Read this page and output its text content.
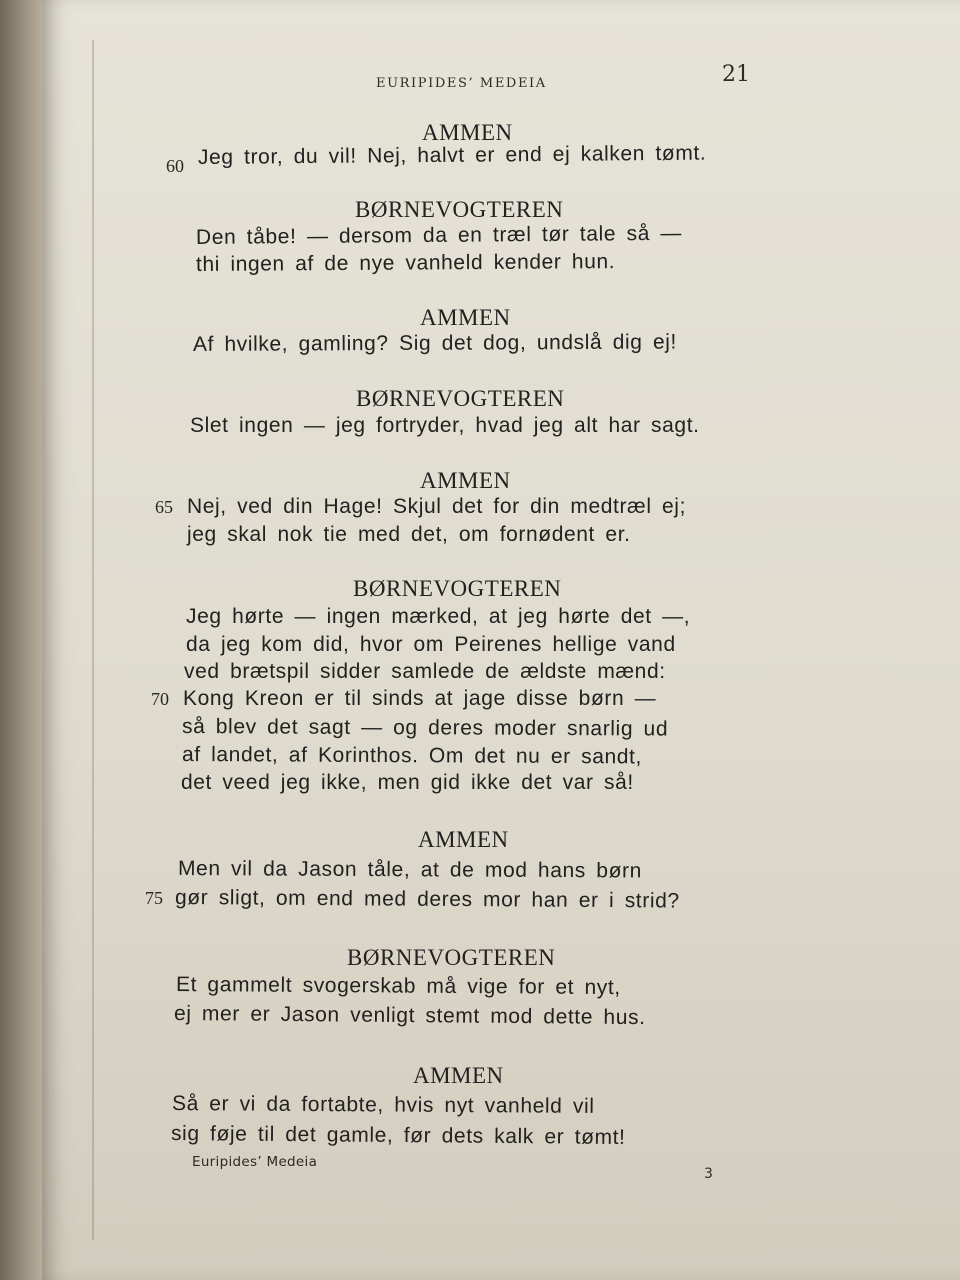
EURIPIDES’ MEDEIA	21
AMMEN
60 Jeg tror, du vil! Nej, halvt er end ej kalken tømt.
BØRNEVOGTEREN
Den tåbe! — dersom da en træl tør tale så —
thi ingen af de nye vanheld kender hun.
AMMEN
Af hvilke, gamling? Sig det dog, undslå dig ej!
BØRNEVOGTEREN
Slet ingen — jeg fortryder, hvad jeg alt har sagt.
AMMEN
65 Nej, ved din Hage! Skjul det for din medtræl ej;
jeg skal nok tie med det, om fornødent er.
BØRNEVOGTEREN
Jeg hørte — ingen mærked, at jeg hørte det —,
da jeg kom did, hvor om Peirenes hellige vand
ved brætspil sidder samlede de ældste mænd:
70 Kong Kreon er til sinds at jage disse børn —
så blev det sagt — og deres moder snarlig ud
af landet, af Korinthos. Om det nu er sandt,
det veed jeg ikke, men gid ikke det var så!
AMMEN
Men vil da Jason tåle, at de mod hans børn
75 gør sligt, om end med deres mor han er i strid?
BØRNEVOGTEREN
Et gammelt svogerskab må vige for et nyt,
ej mer er Jason venligt stemt mod dette hus.
AMMEN
Så er vi da fortabte, hvis nyt vanheld vil
sig føje til det gamle, før dets kalk er tømt!
Euripides’ Medeia
3
